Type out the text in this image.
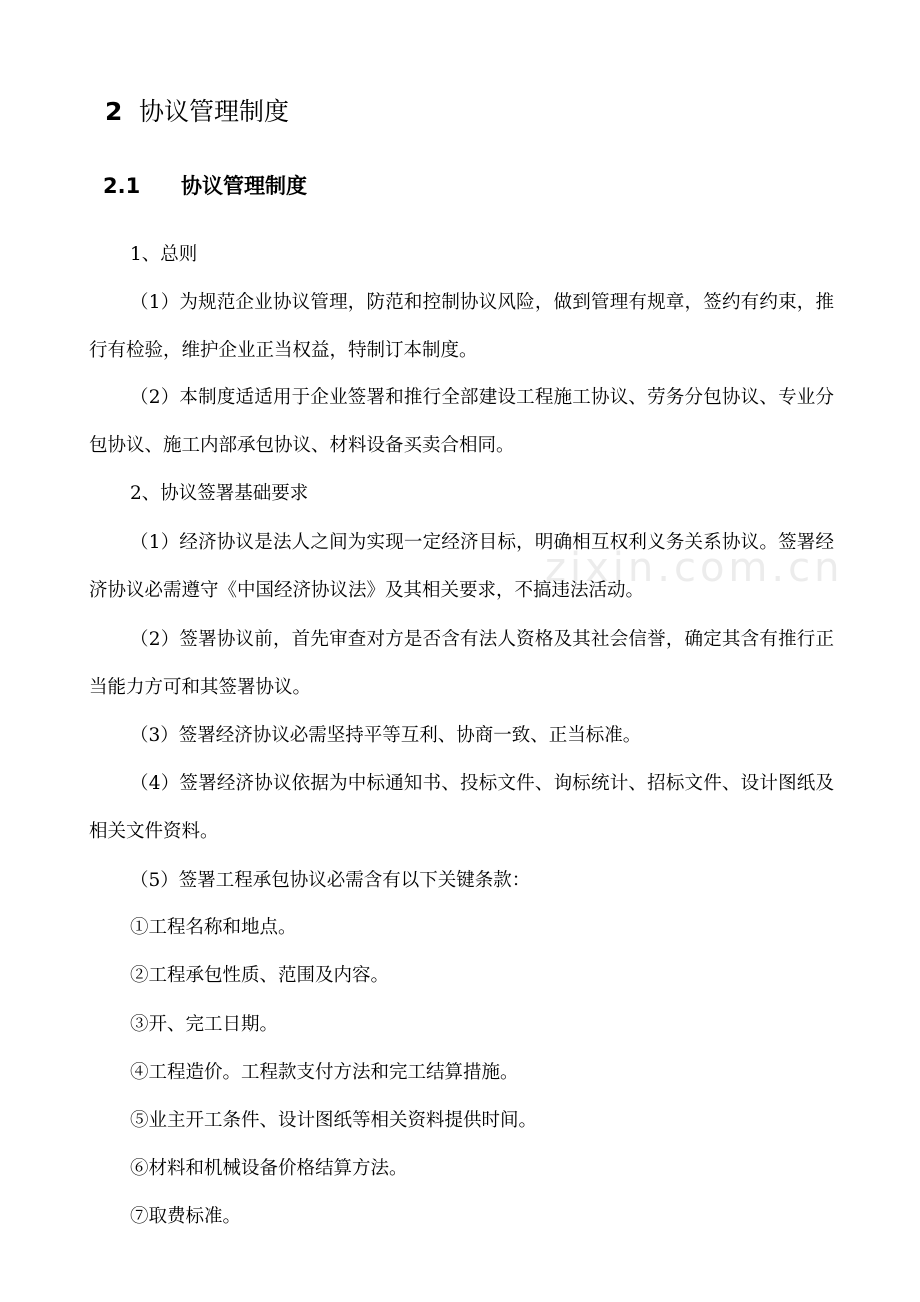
zixin.com.cn
2 协议管理制度
2.1 协议管理制度
1、总则
（1）为规范企业协议管理，防范和控制协议风险，做到管理有规章，签约有约束，推行有检验，维护企业正当权益，特制订本制度。
（2）本制度适适用于企业签署和推行全部建设工程施工协议、劳务分包协议、专业分包协议、施工内部承包协议、材料设备买卖合相同。
2、协议签署基础要求
（1）经济协议是法人之间为实现一定经济目标，明确相互权利义务关系协议。签署经济协议必需遵守《中国经济协议法》及其相关要求，不搞违法活动。
（2）签署协议前，首先审查对方是否含有法人资格及其社会信誉，确定其含有推行正当能力方可和其签署协议。
（3）签署经济协议必需坚持平等互利、协商一致、正当标准。
（4）签署经济协议依据为中标通知书、投标文件、询标统计、招标文件、设计图纸及相关文件资料。
（5）签署工程承包协议必需含有以下关键条款：
①工程名称和地点。
②工程承包性质、范围及内容。
③开、完工日期。
④工程造价。工程款支付方法和完工结算措施。
⑤业主开工条件、设计图纸等相关资料提供时间。
⑥材料和机械设备价格结算方法。
⑦取费标准。
